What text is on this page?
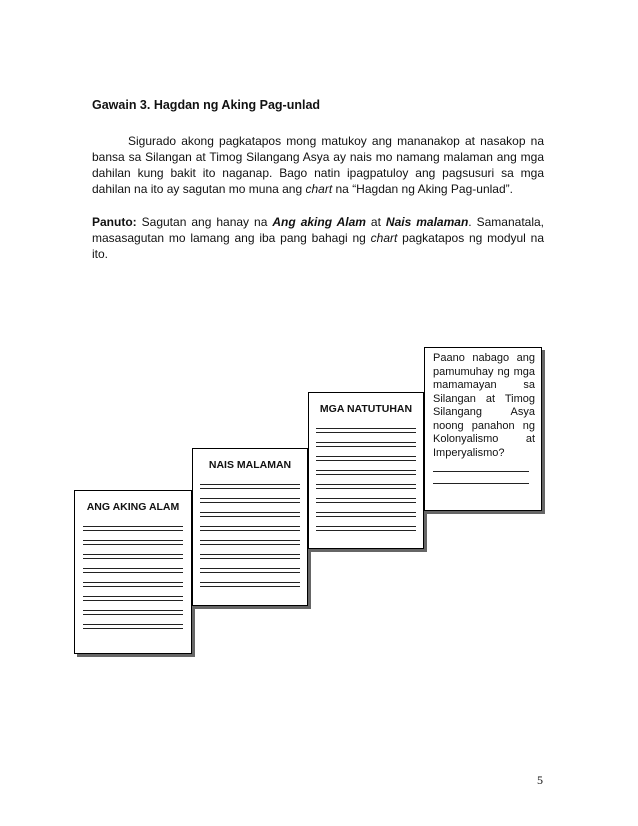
Gawain 3. Hagdan ng Aking Pag-unlad
Sigurado akong pagkatapos mong matukoy ang mananakop at nasakop na bansa sa Silangan at Timog Silangang Asya ay nais mo namang malaman ang mga dahilan kung bakit ito naganap. Bago natin ipagpatuloy ang pagsusuri sa mga dahilan na ito ay sagutan mo muna ang chart na “Hagdan ng Aking Pag-unlad”.
Panuto: Sagutan ang hanay na Ang aking Alam at Nais malaman. Samanatala, masasagutan mo lamang ang iba pang bahagi ng chart pagkatapos ng modyul na ito.
ANG AKING ALAM
NAIS MALAMAN
MGA NATUTUHAN
Paano nabago ang pamumuhay ng mga mamamayan sa Silangan at Timog Silangang Asya noong panahon ng Kolonyalismo at Imperyalismo?
5
